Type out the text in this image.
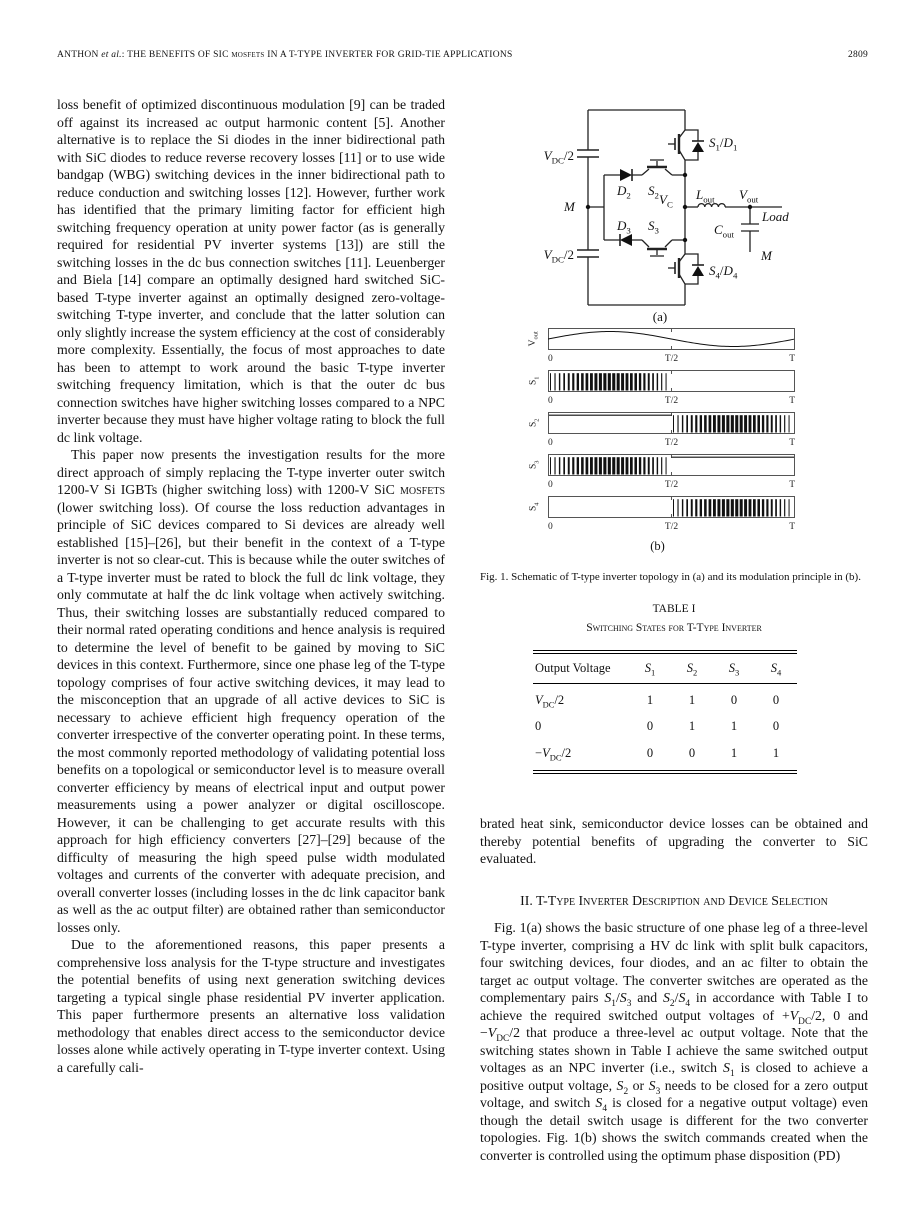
ANTHON et al.: THE BENEFITS OF SIC mosfets IN A T-TYPE INVERTER FOR GRID-TIE APPLICATIONS	2809

loss benefit of optimized discontinuous modulation [9] can be traded off against its increased ac output harmonic content [5]. Another alternative is to replace the Si diodes in the inner bidirectional path with SiC diodes to reduce reverse recovery losses [11] or to use wide bandgap (WBG) switching devices in the inner bidirectional path to reduce conduction and switching losses [12]. However, further work has identified that the primary limiting factor for efficient high switching frequency operation at unity power factor (as is generally required for residential PV inverter systems [13]) are still the switching losses in the dc bus connection switches [11]. Leuenberger and Biela [14] compare an optimally designed hard switched SiC-based T-type inverter against an optimally designed zero-voltage-switching T-type inverter, and conclude that the latter solution can only slightly increase the system efficiency at the cost of considerably more complexity. Essentially, the focus of most approaches to date has been to attempt to work around the basic T-type inverter switching frequency limitation, which is that the outer dc bus connection switches have higher switching losses compared to a NPC inverter because they must have higher voltage rating to block the full dc link voltage.

This paper now presents the investigation results for the more direct approach of simply replacing the T-type inverter outer switch 1200-V Si IGBTs (higher switching loss) with 1200-V SiC mosfets (lower switching loss). Of course the loss reduction advantages in principle of SiC devices compared to Si devices are already well established [15]–[26], but their benefit in the context of a T-type inverter is not so clear-cut. This is because while the outer switches of a T-type inverter must be rated to block the full dc link voltage, they only commutate at half the dc link voltage when actively switching. Thus, their switching losses are substantially reduced compared to their normal rated operating conditions and hence analysis is required to determine the level of benefit to be gained by moving to SiC devices in this context. Furthermore, since one phase leg of the T-type topology comprises of four active switching devices, it may lead to the misconception that an upgrade of all active devices to SiC is necessary to achieve efficient high frequency operation of the converter irrespective of the converter operating point. In these terms, the most commonly reported methodology of validating potential loss benefits on a topological or semiconductor level is to measure overall converter efficiency by means of electrical input and output power measurements using a power analyzer or digital oscilloscope. However, it can be challenging to get accurate results with this approach for high efficiency converters [27]–[29] because of the difficulty of measuring the high speed pulse width modulated voltages and currents of the converter with adequate precision, and overall converter losses (including losses in the dc link capacitor bank as well as the ac output filter) are obtained rather than semiconductor losses only.

Due to the aforementioned reasons, this paper presents a comprehensive loss analysis for the T-type structure and investigates the potential benefits of using next generation switching devices targeting a typical single phase residential PV inverter application. This paper furthermore presents an alternative loss validation methodology that enables direct access to the semiconductor device losses alone while actively operating in T-type inverter context. Using a carefully cali-

$V_{DC}/2$
$V_{DC}/2$
M
$D_2$ $S_2$
$D_3$ $S_3$
$V_C$
$S_1/D_1$
$S_4/D_4$
$L_{out}$ $V_{out}$
$C_{out}$
Load
M
(a)
$V_{out}$
0	T/2	T
$S_1$
0	T/2	T
$S_2$
0	T/2	T
$S_3$
0	T/2	T
$S_4$
0	T/2	T
(b)

Fig. 1. Schematic of T-type inverter topology in (a) and its modulation principle in (b).

TABLE I
Switching States for T-Type Inverter
Output Voltage	$S_1$	$S_2$	$S_3$	$S_4$
$V_{DC}/2$	1	1	0	0
0	0	1	1	0
$-V_{DC}/2$	0	0	1	1

brated heat sink, semiconductor device losses can be obtained and thereby potential benefits of upgrading the converter to SiC evaluated.

II. T-Type Inverter Description and Device Selection

Fig. 1(a) shows the basic structure of one phase leg of a three-level T-type inverter, comprising a HV dc link with split bulk capacitors, four switching devices, four diodes, and an ac filter to obtain the target ac output voltage. The converter switches are operated as the complementary pairs $S_1/S_3$ and $S_2/S_4$ in accordance with Table I to achieve the required switched output voltages of $+V_{DC}/2$, 0 and $-V_{DC}/2$ that produce a three-level ac output voltage. Note that the switching states shown in Table I achieve the same switched output voltages as an NPC inverter (i.e., switch $S_1$ is closed to achieve a positive output voltage, $S_2$ or $S_3$ needs to be closed for a zero output voltage, and switch $S_4$ is closed for a negative output voltage) even though the detail switch usage is different for the two converter topologies. Fig. 1(b) shows the switch commands created when the converter is controlled using the optimum phase disposition (PD)
